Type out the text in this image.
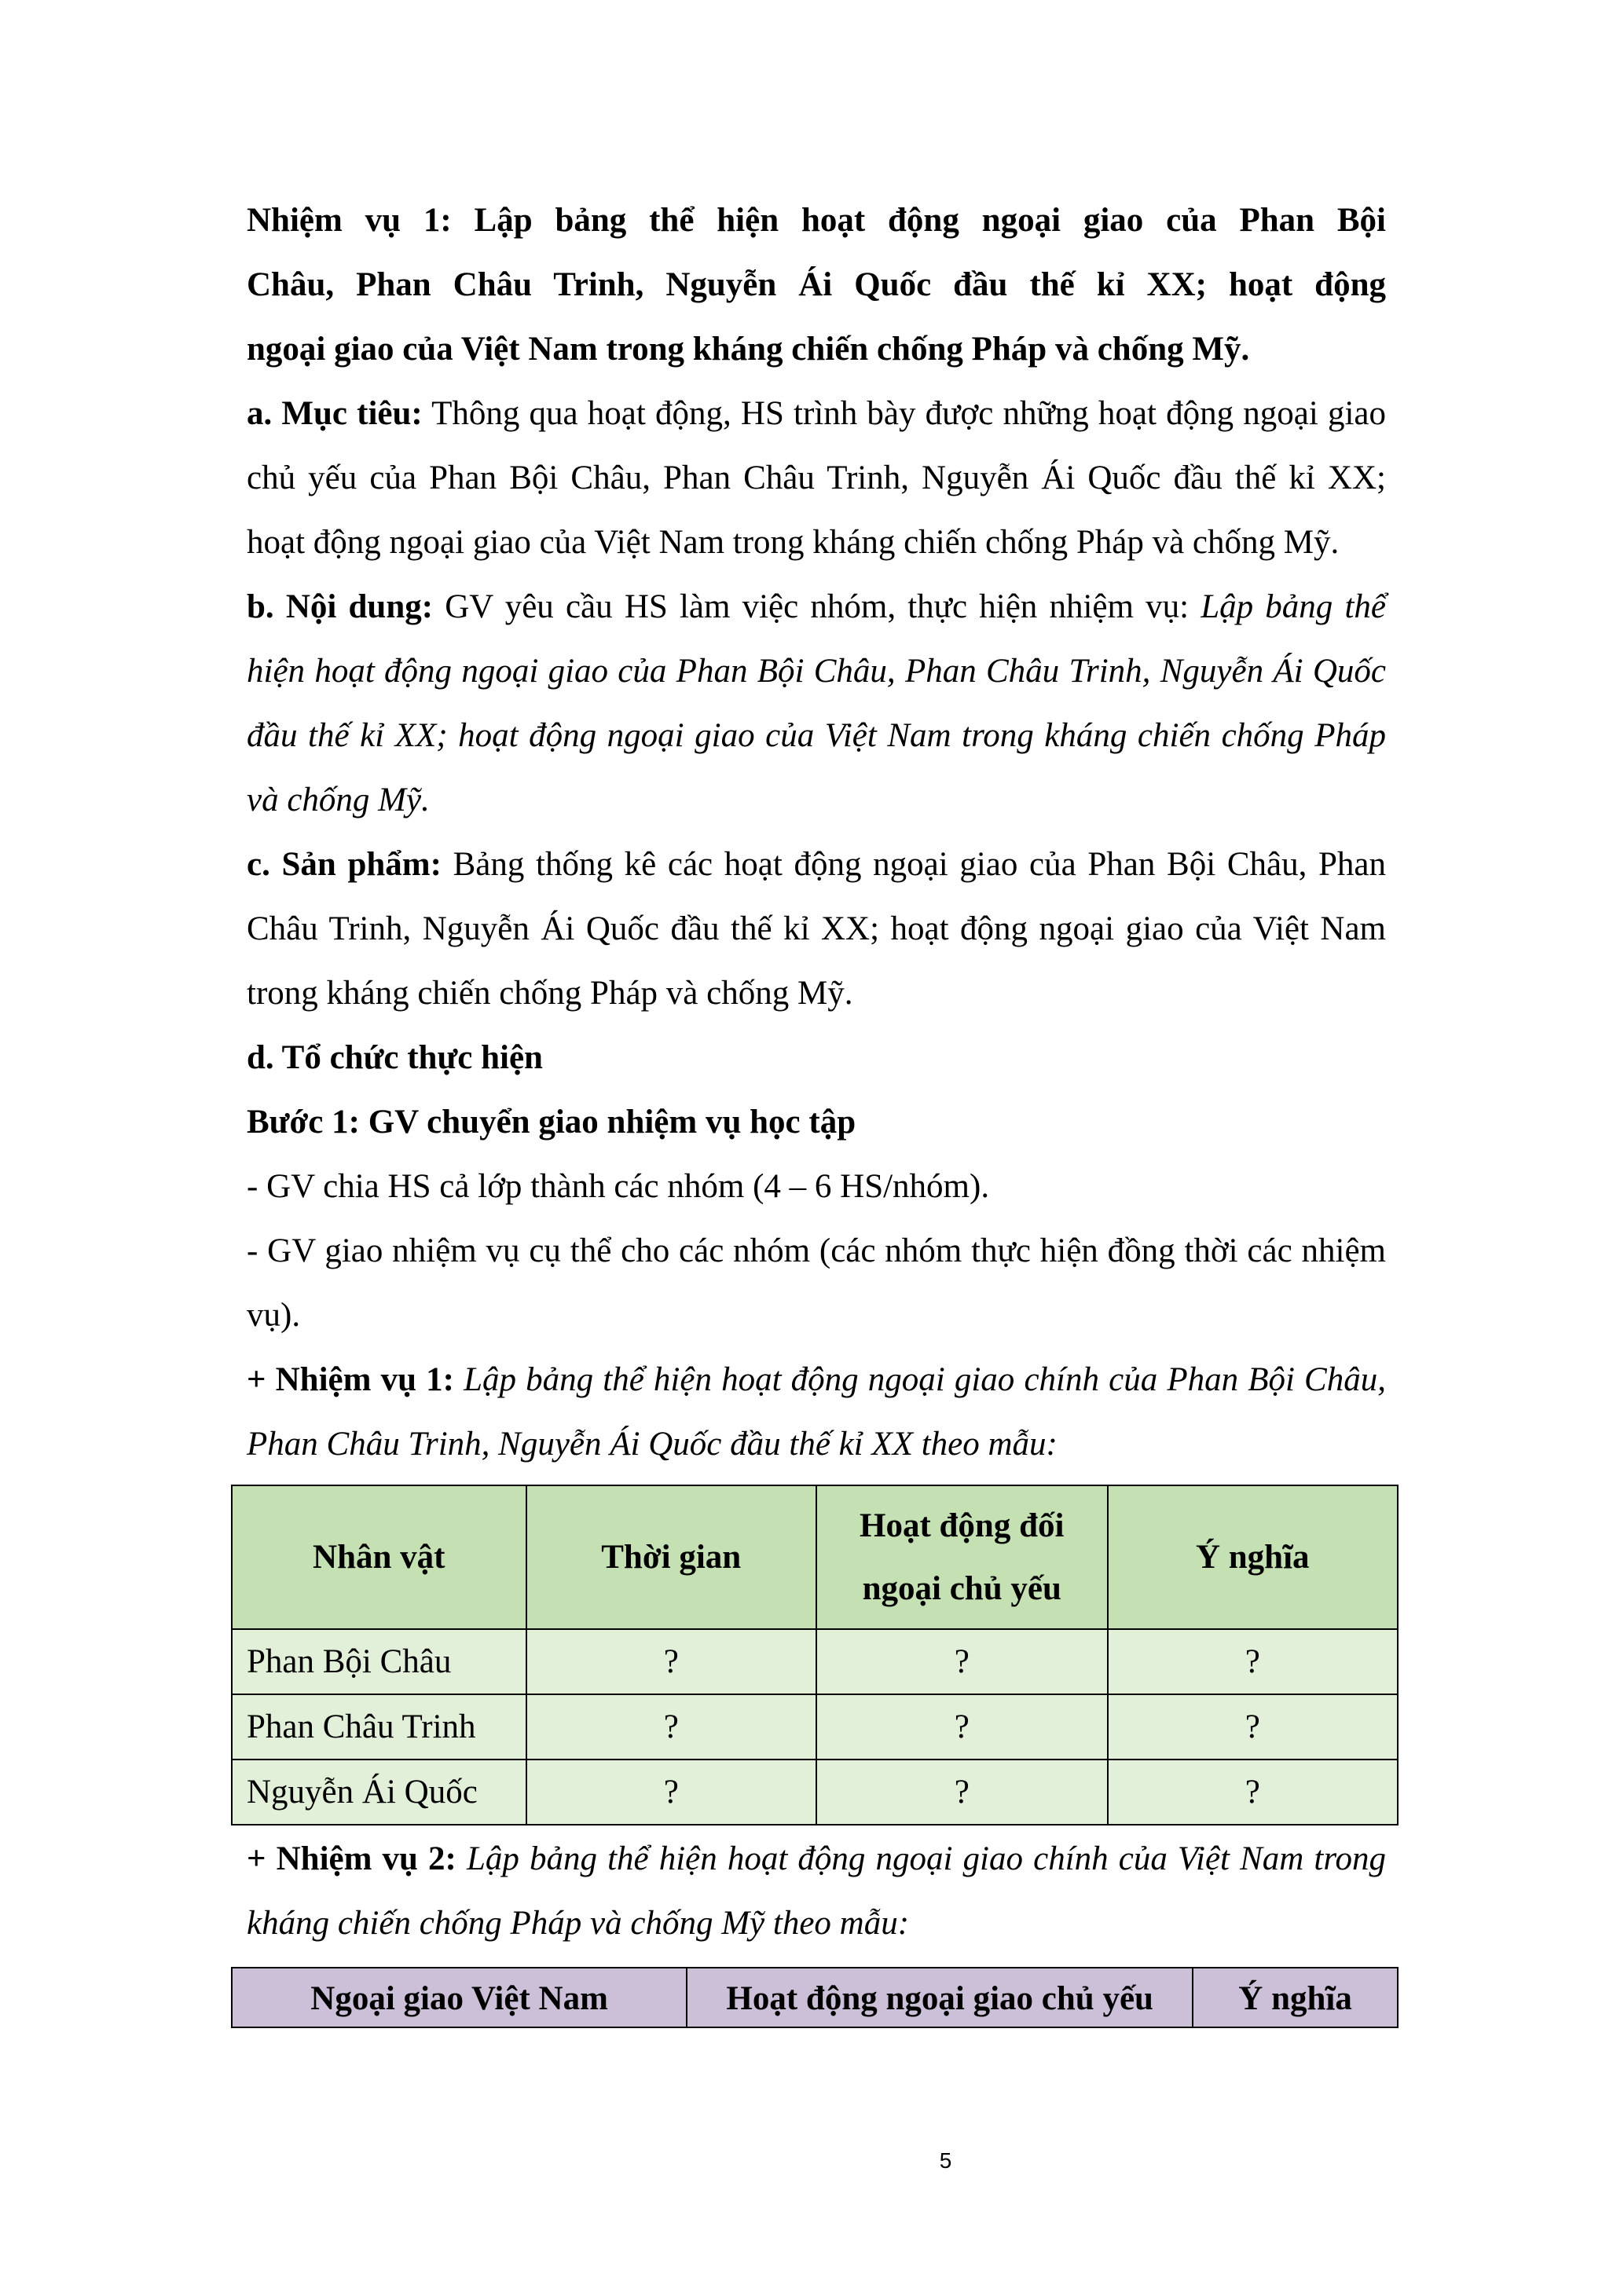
Nhiệm vụ 1: Lập bảng thể hiện hoạt động ngoại giao của Phan Bội
Châu, Phan Châu Trinh, Nguyễn Ái Quốc đầu thế kỉ XX; hoạt động
ngoại giao của Việt Nam trong kháng chiến chống Pháp và chống Mỹ.

a. Mục tiêu: Thông qua hoạt động, HS trình bày được những hoạt động ngoại giao chủ yếu của Phan Bội Châu, Phan Châu Trinh, Nguyễn Ái Quốc đầu thế kỉ XX; hoạt động ngoại giao của Việt Nam trong kháng chiến chống Pháp và chống Mỹ.

b. Nội dung: GV yêu cầu HS làm việc nhóm, thực hiện nhiệm vụ: Lập bảng thể hiện hoạt động ngoại giao của Phan Bội Châu, Phan Châu Trinh, Nguyễn Ái Quốc đầu thế kỉ XX; hoạt động ngoại giao của Việt Nam trong kháng chiến chống Pháp và chống Mỹ.

c. Sản phẩm: Bảng thống kê các hoạt động ngoại giao của Phan Bội Châu, Phan Châu Trinh, Nguyễn Ái Quốc đầu thế kỉ XX; hoạt động ngoại giao của Việt Nam trong kháng chiến chống Pháp và chống Mỹ.

d. Tổ chức thực hiện

Bước 1: GV chuyển giao nhiệm vụ học tập

- GV chia HS cả lớp thành các nhóm (4 – 6 HS/nhóm).

- GV giao nhiệm vụ cụ thể cho các nhóm (các nhóm thực hiện đồng thời các nhiệm vụ).

+ Nhiệm vụ 1: Lập bảng thể hiện hoạt động ngoại giao chính của Phan Bội Châu, Phan Châu Trinh, Nguyễn Ái Quốc đầu thế kỉ XX theo mẫu:

Nhân vật	Thời gian	Hoạt động đối ngoại chủ yếu	Ý nghĩa
Phan Bội Châu	?	?	?
Phan Châu Trinh	?	?	?
Nguyễn Ái Quốc	?	?	?

+ Nhiệm vụ 2: Lập bảng thể hiện hoạt động ngoại giao chính của Việt Nam trong kháng chiến chống Pháp và chống Mỹ theo mẫu:

Ngoại giao Việt Nam	Hoạt động ngoại giao chủ yếu	Ý nghĩa
5
